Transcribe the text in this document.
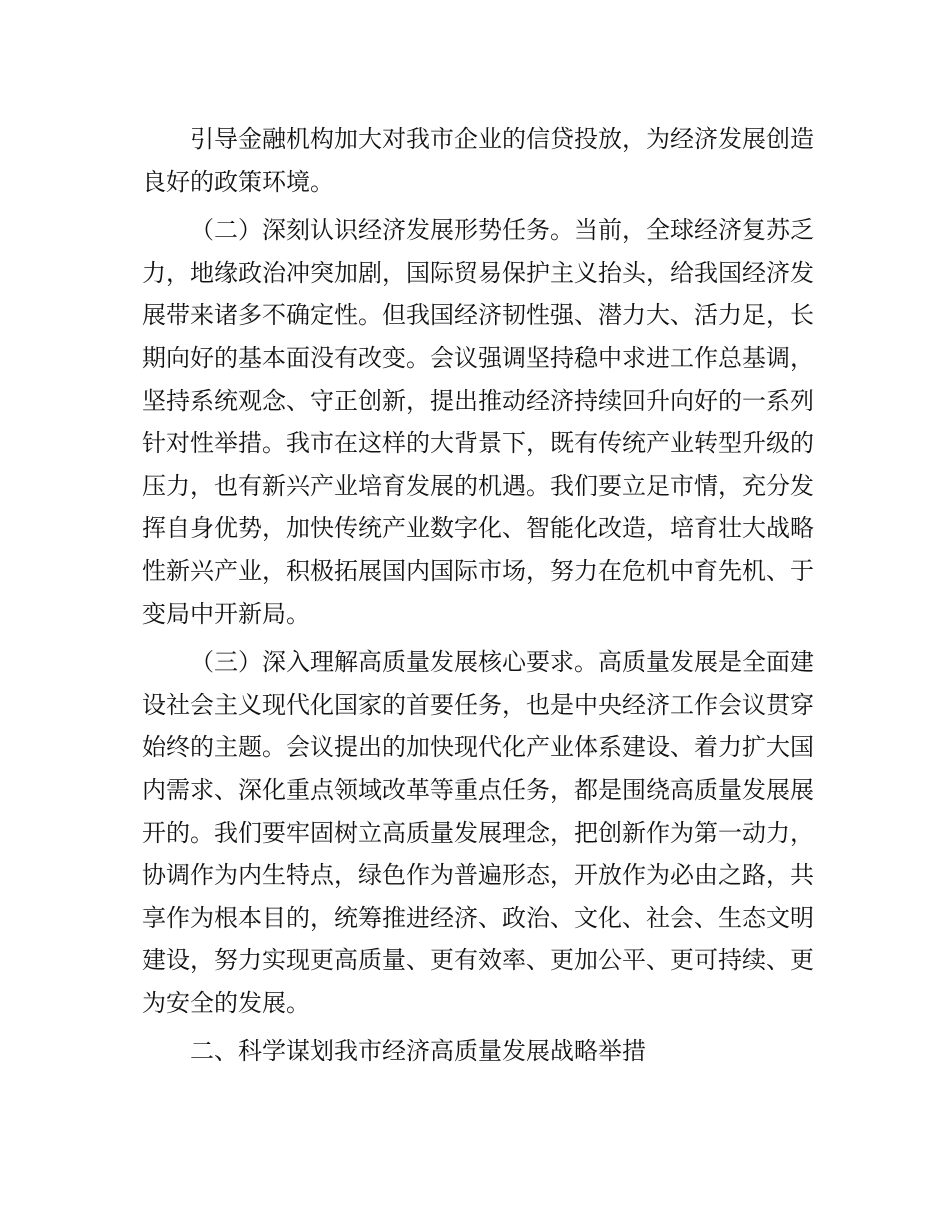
引导金融机构加大对我市企业的信贷投放，为经济发展创造良好的政策环境。

（二）深刻认识经济发展形势任务。当前，全球经济复苏乏力，地缘政治冲突加剧，国际贸易保护主义抬头，给我国经济发展带来诸多不确定性。但我国经济韧性强、潜力大、活力足，长期向好的基本面没有改变。会议强调坚持稳中求进工作总基调，坚持系统观念、守正创新，提出推动经济持续回升向好的一系列针对性举措。我市在这样的大背景下，既有传统产业转型升级的压力，也有新兴产业培育发展的机遇。我们要立足市情，充分发挥自身优势，加快传统产业数字化、智能化改造，培育壮大战略性新兴产业，积极拓展国内国际市场，努力在危机中育先机、于变局中开新局。

（三）深入理解高质量发展核心要求。高质量发展是全面建设社会主义现代化国家的首要任务，也是中央经济工作会议贯穿始终的主题。会议提出的加快现代化产业体系建设、着力扩大国内需求、深化重点领域改革等重点任务，都是围绕高质量发展展开的。我们要牢固树立高质量发展理念，把创新作为第一动力，协调作为内生特点，绿色作为普遍形态，开放作为必由之路，共享作为根本目的，统筹推进经济、政治、文化、社会、生态文明建设，努力实现更高质量、更有效率、更加公平、更可持续、更为安全的发展。

二、科学谋划我市经济高质量发展战略举措
